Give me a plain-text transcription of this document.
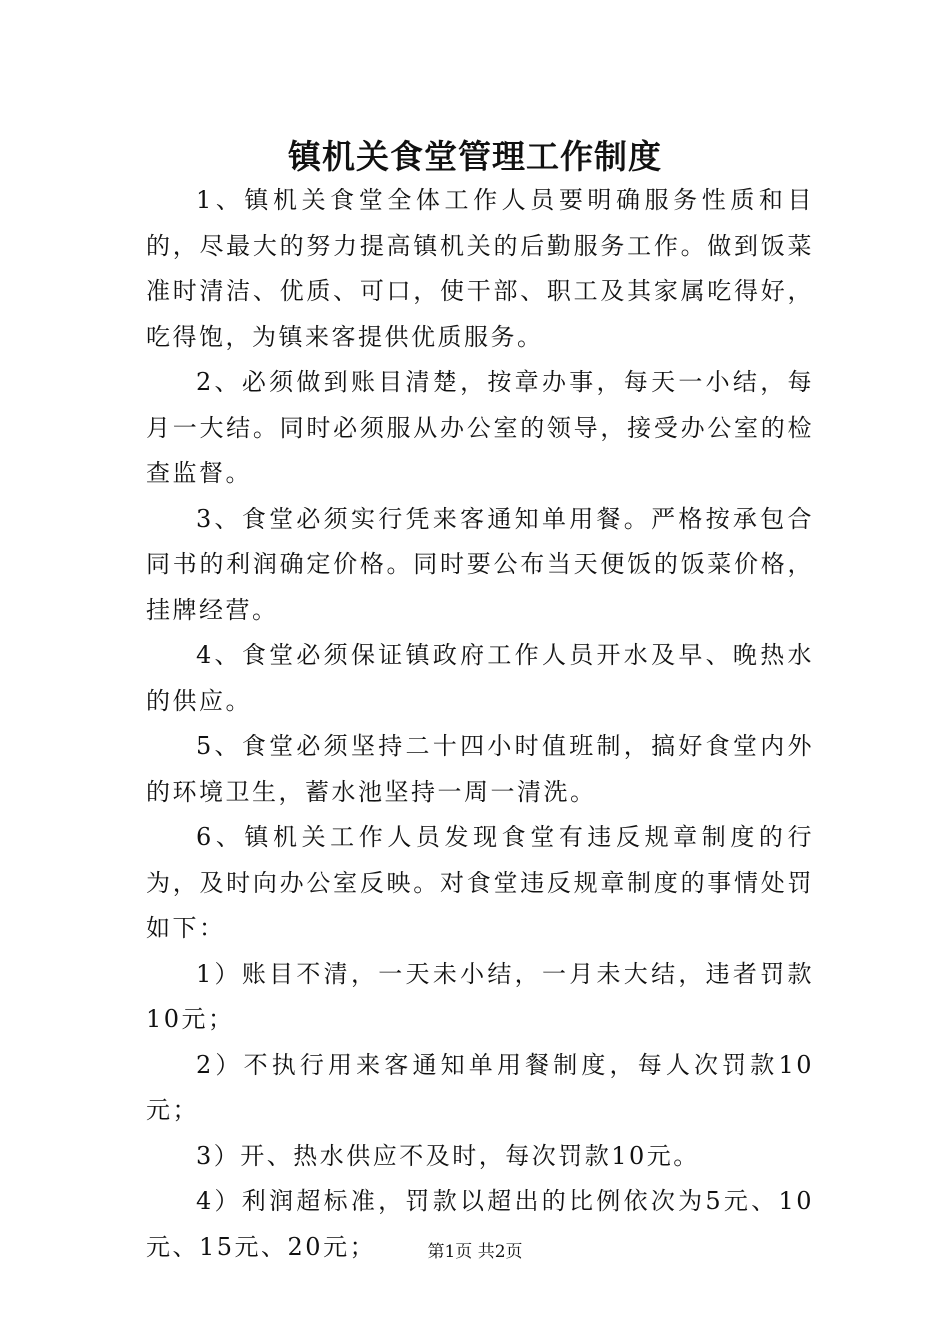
镇机关食堂管理工作制度

1、镇机关食堂全体工作人员要明确服务性质和目的，尽最大的努力提高镇机关的后勤服务工作。做到饭菜准时清洁、优质、可口，使干部、职工及其家属吃得好，吃得饱，为镇来客提供优质服务。

2、必须做到账目清楚，按章办事，每天一小结，每月一大结。同时必须服从办公室的领导，接受办公室的检查监督。

3、食堂必须实行凭来客通知单用餐。严格按承包合同书的利润确定价格。同时要公布当天便饭的饭菜价格，挂牌经营。

4、食堂必须保证镇政府工作人员开水及早、晚热水的供应。

5、食堂必须坚持二十四小时值班制，搞好食堂内外的环境卫生，蓄水池坚持一周一清洗。

6、镇机关工作人员发现食堂有违反规章制度的行为，及时向办公室反映。对食堂违反规章制度的事情处罚如下：

1）账目不清，一天未小结，一月未大结，违者罚款10元；

2）不执行用来客通知单用餐制度，每人次罚款10元；

3）开、热水供应不及时，每次罚款10元。

4）利润超标准，罚款以超出的比例依次为5元、10元、15元、20元；	第1页 共2页
